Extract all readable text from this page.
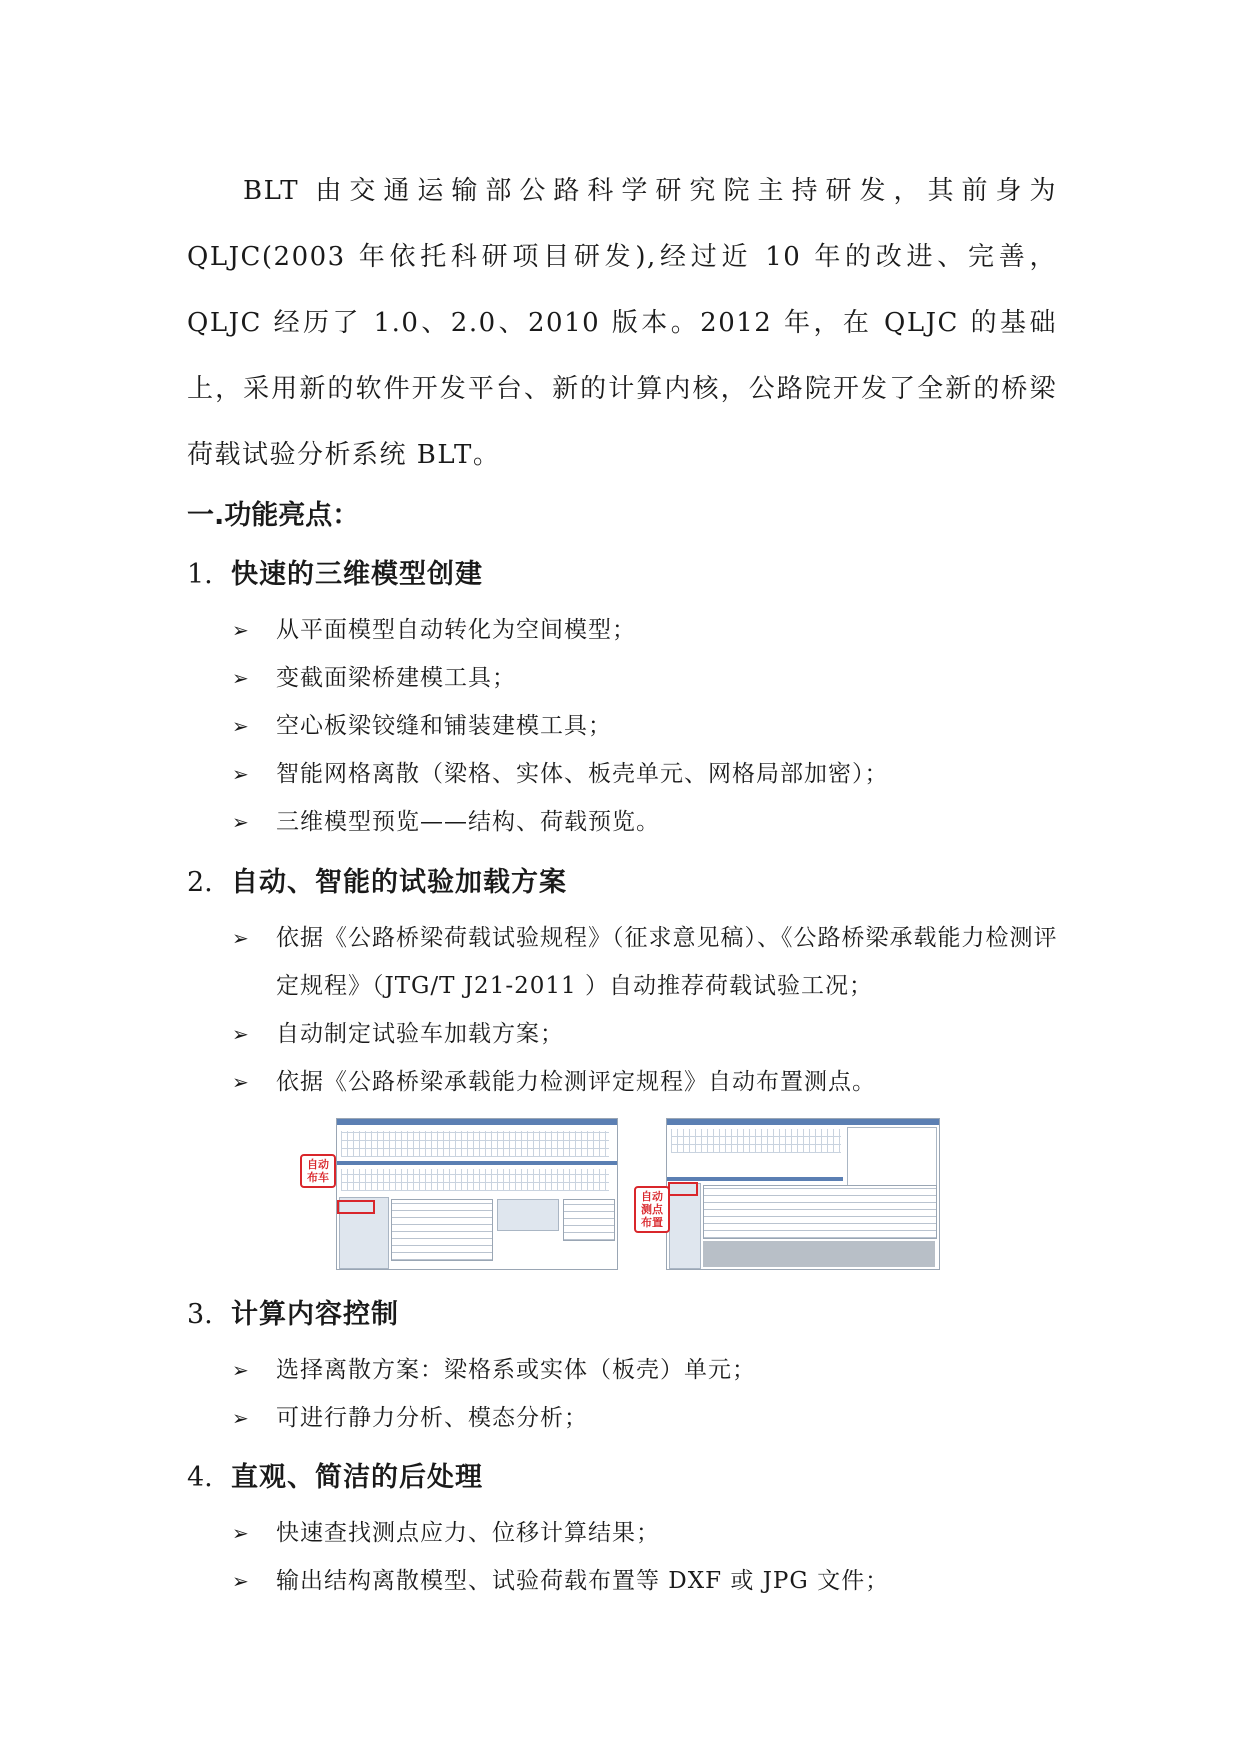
BLT 由交通运输部公路科学研究院主持研发，其前身为QLJC(2003 年依托科研项目研发),经过近 10 年的改进、完善，QLJC 经历了 1.0、2.0、2010 版本。2012 年，在 QLJC 的基础上，采用新的软件开发平台、新的计算内核，公路院开发了全新的桥梁荷载试验分析系统 BLT。

一.功能亮点：
1. 快速的三维模型创建
➢ 从平面模型自动转化为空间模型；
➢ 变截面梁桥建模工具；
➢ 空心板梁铰缝和铺装建模工具；
➢ 智能网格离散（梁格、实体、板壳单元、网格局部加密）；
➢ 三维模型预览——结构、荷载预览。
2. 自动、智能的试验加载方案
➢ 依据《公路桥梁荷载试验规程》（征求意见稿）、《公路桥梁承载能力检测评定规程》（JTG/T J21-2011 ）自动推荐荷载试验工况；
➢ 自动制定试验车加载方案；
➢ 依据《公路桥梁承载能力检测评定规程》自动布置测点。
自动
布车
自动
测点
布置
3. 计算内容控制
➢ 选择离散方案：梁格系或实体（板壳）单元；
➢ 可进行静力分析、模态分析；
4. 直观、简洁的后处理
➢ 快速查找测点应力、位移计算结果；
➢ 输出结构离散模型、试验荷载布置等 DXF 或 JPG 文件；
